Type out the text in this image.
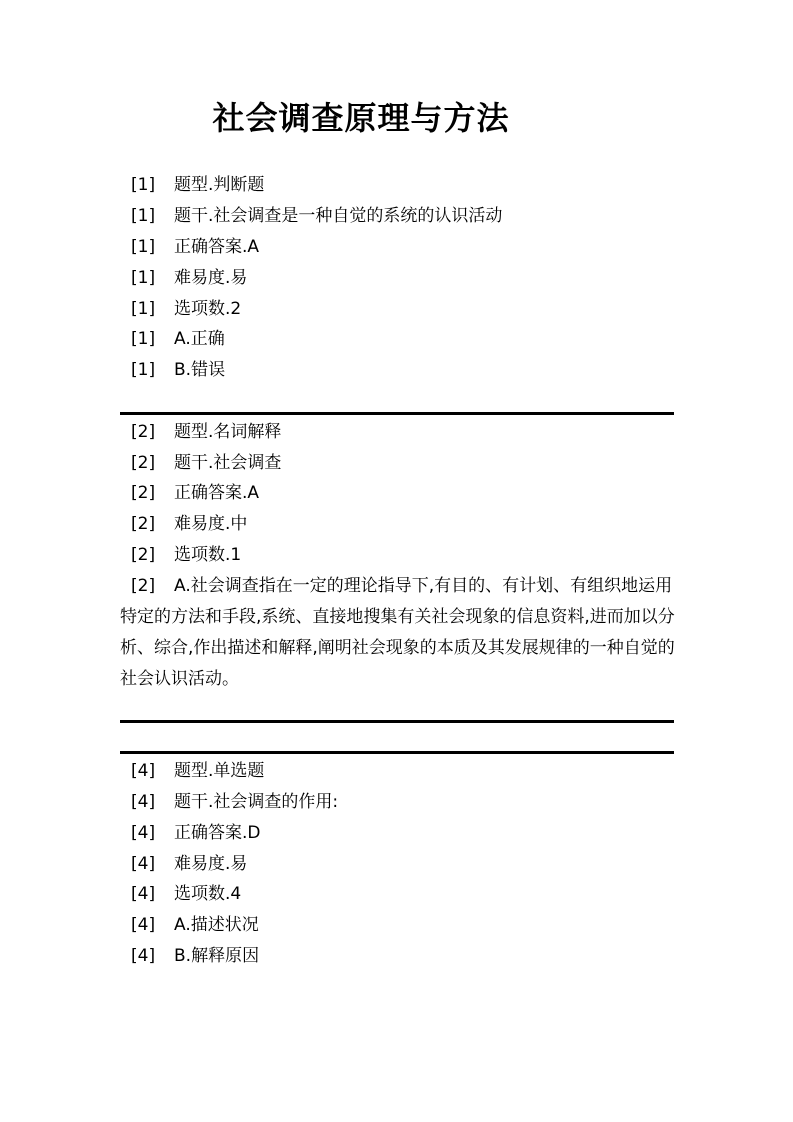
社会调查原理与方法
[1] 题型.判断题
[1] 题干.社会调查是一种自觉的系统的认识活动
[1] 正确答案.A
[1] 难易度.易
[1] 选项数.2
[1] A.正确
[1] B.错误
[2] 题型.名词解释
[2] 题干.社会调查
[2] 正确答案.A
[2] 难易度.中
[2] 选项数.1
[2] A.社会调查指在一定的理论指导下,有目的、有计划、有组织地运用特定的方法和手段,系统、直接地搜集有关社会现象的信息资料,进而加以分析、综合,作出描述和解释,阐明社会现象的本质及其发展规律的一种自觉的社会认识活动。
[4] 题型.单选题
[4] 题干.社会调查的作用:
[4] 正确答案.D
[4] 难易度.易
[4] 选项数.4
[4] A.描述状况
[4] B.解释原因
